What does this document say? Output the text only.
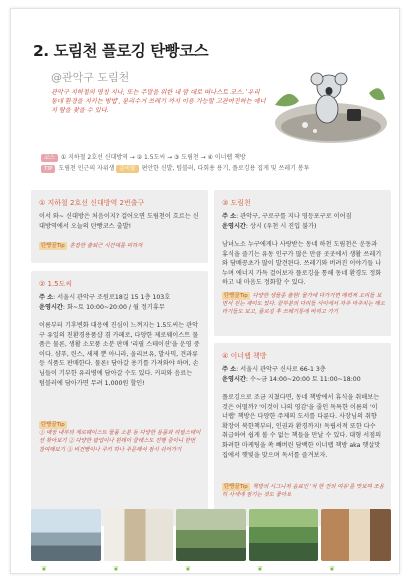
2. 도림천 플로깅 탄빵코스
@관악구 도림천
관악구 지하철의 명칭 지나, 또는 주말을 위한 내 맘 대로 떠나스트 코스. '우리 동네 환경을 지키는 방법', 분리수거 쓰레기 까지 이용 가능할 고관여진하는 에너지 탐을 찾을 수 있다.
코스 ① 지하철 2호선 신대방역 → ② 1.5도씨 → ③ 도림천 → ④ 이너랩 책방
TIP 도림천 인근의 자위생 준비물 편안한 신발, 텀블러, 다회용 용기, 플로깅용 집게 및 쓰레기 봉투
① 지하철 2호선 신대방역 2번출구
이서 와~ 신대방은 처음이지? 걸어오면 도림천이 흐르는 신대방역에서 오늘의 탄빵코스 출발!
탄빵꿀Tip 혼잡한 출퇴근 시간대를 피하자
② 1.5도씨
주 소: 서울시 관악구 조원로18길 15 1층 103호
운영시간: 화~토 10:00~20:00 / 월 정기휴무
이름부터 기후변화 대응에 진심이 느껴지는 1.5도씨는 관악구 유일의 친환경용품샵 겸 카페로, 다양한 제로웨이스트 물품은 물론, 생활 소모품 소분 판매 '리필 스테이션'을 운영 중이다. 샴푸, 린스, 세제 뿐 아니라, 올리브유, 발사믹, 견과류 등 식품도 판매한다. 물론! 담아갈 용기를 가져와야 하며, 손님들이 기부한 유리병에 담아갈 수도 있다. 커피와 음료는 텀블러에 담아가면 무려 1,000원 할인!
탄빵꿀Tip
① 매장 내부의 제로웨이스트 물품 소분 등 다양한 용품과 리필스테이션 찾아보기 ② 다양한 팝업이나 원데이 클래스도 진행 중이니 한번 참여해보기 ③ 비건빵이나 쿠키 하나 주문해서 잠시 쉬어가기
③ 도림천
주 소: 관악구, 구로구를 지나 영등포구로 이어짐
운영시간: 상시 (우천 시 진입 불가)
남녀노소 누구에게나 사랑받는 동네 하천 도림천은 운동과 휴식을 즐기는 유동 인구가 많은 만큼 곳곳에서 생활 쓰레기와 담배꽁초가 많이 발견된다. 쓰레기와 버려진 이야기들 나누며 에너지 가득 걸어보자 플로깅을 통해 동네 환경도 정화하고 내 마음도 정화할 수 있다.
탄빵꿀Tip 다양한 생물종 출현! 물가에 다가가면 매력적 오리들 보면서 걷는 재미도 있다. 끝부분의 다리들 사이에서 자주 마주치는 해오라기들도 보고, 플로깅 후 쓰레기통에 버리고 가기
④ 이너랩 책방
주 소: 서울시 관악구 신사로 66-1 3층
운영시간: 수~금 14:00~20:00 토 11:00~18:00
플로깅으로 조금 지쳤다면, 동네 책방에서 휴식을 취해보는 것은 어떨까? '이것이 나의 영감'을 줄인 독특한 이름의 '이너랩' 책방은 다양한 주제의 도서를 다룬다. 사장님의 취향 확장이 북한책부터, 인권과 환경까지! 독립서적 또한 다수 취급하여 쉽게 볼 수 없는 책들을 만날 수 있다. 대형 서점의 화려한 마케팅을 쏙 빼버린 담백한 이너랩 책방 aka 햇살맛집에서 햇빛을 맞으며 독서를 즐겨보자.
탄빵꿀Tip 책방의 시그니처 음료인 '차 한 잔의 여유'를 맛보며 조용히 사색에 잠기는 것도 좋아요
❦	❦	❦	❦	❦
